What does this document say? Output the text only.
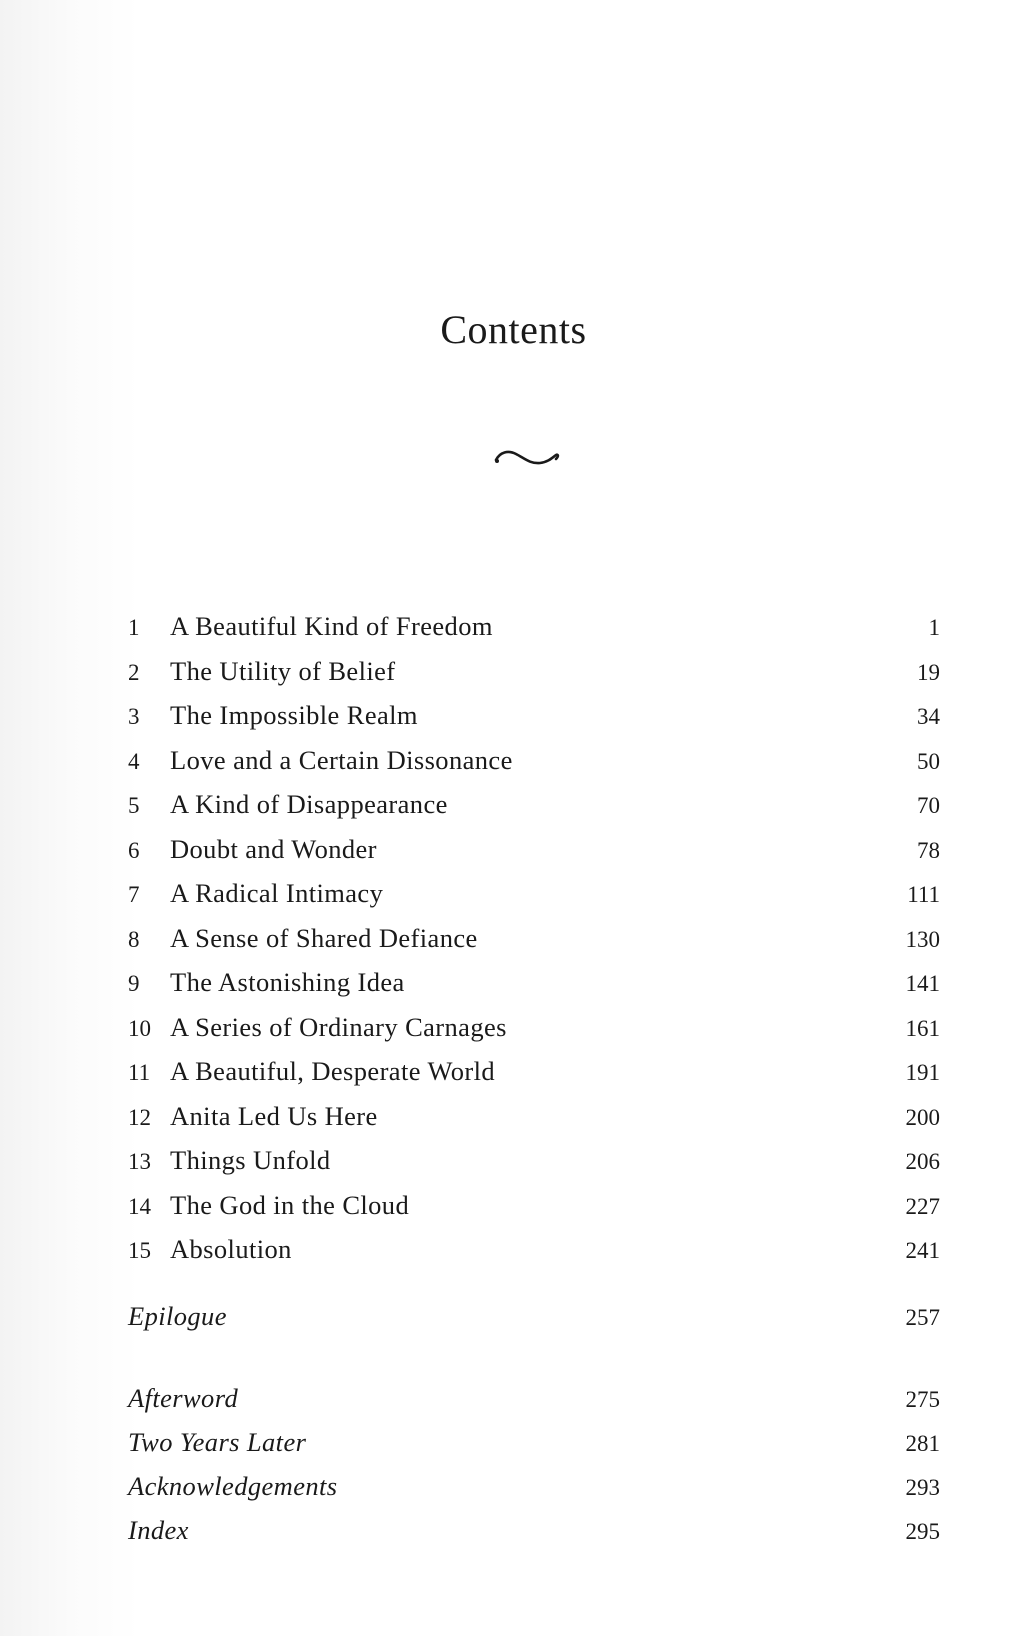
Contents
1	A Beautiful Kind of Freedom	1
2	The Utility of Belief	19
3	The Impossible Realm	34
4	Love and a Certain Dissonance	50
5	A Kind of Disappearance	70
6	Doubt and Wonder	78
7	A Radical Intimacy	111
8	A Sense of Shared Defiance	130
9	The Astonishing Idea	141
10 A Series of Ordinary Carnages	161
11 A Beautiful, Desperate World	191
12 Anita Led Us Here	200
13 Things Unfold	206
14 The God in the Cloud	227
15 Absolution	241
Epilogue	257
Afterword	275
Two Years Later	281
Acknowledgements	293
Index	295
